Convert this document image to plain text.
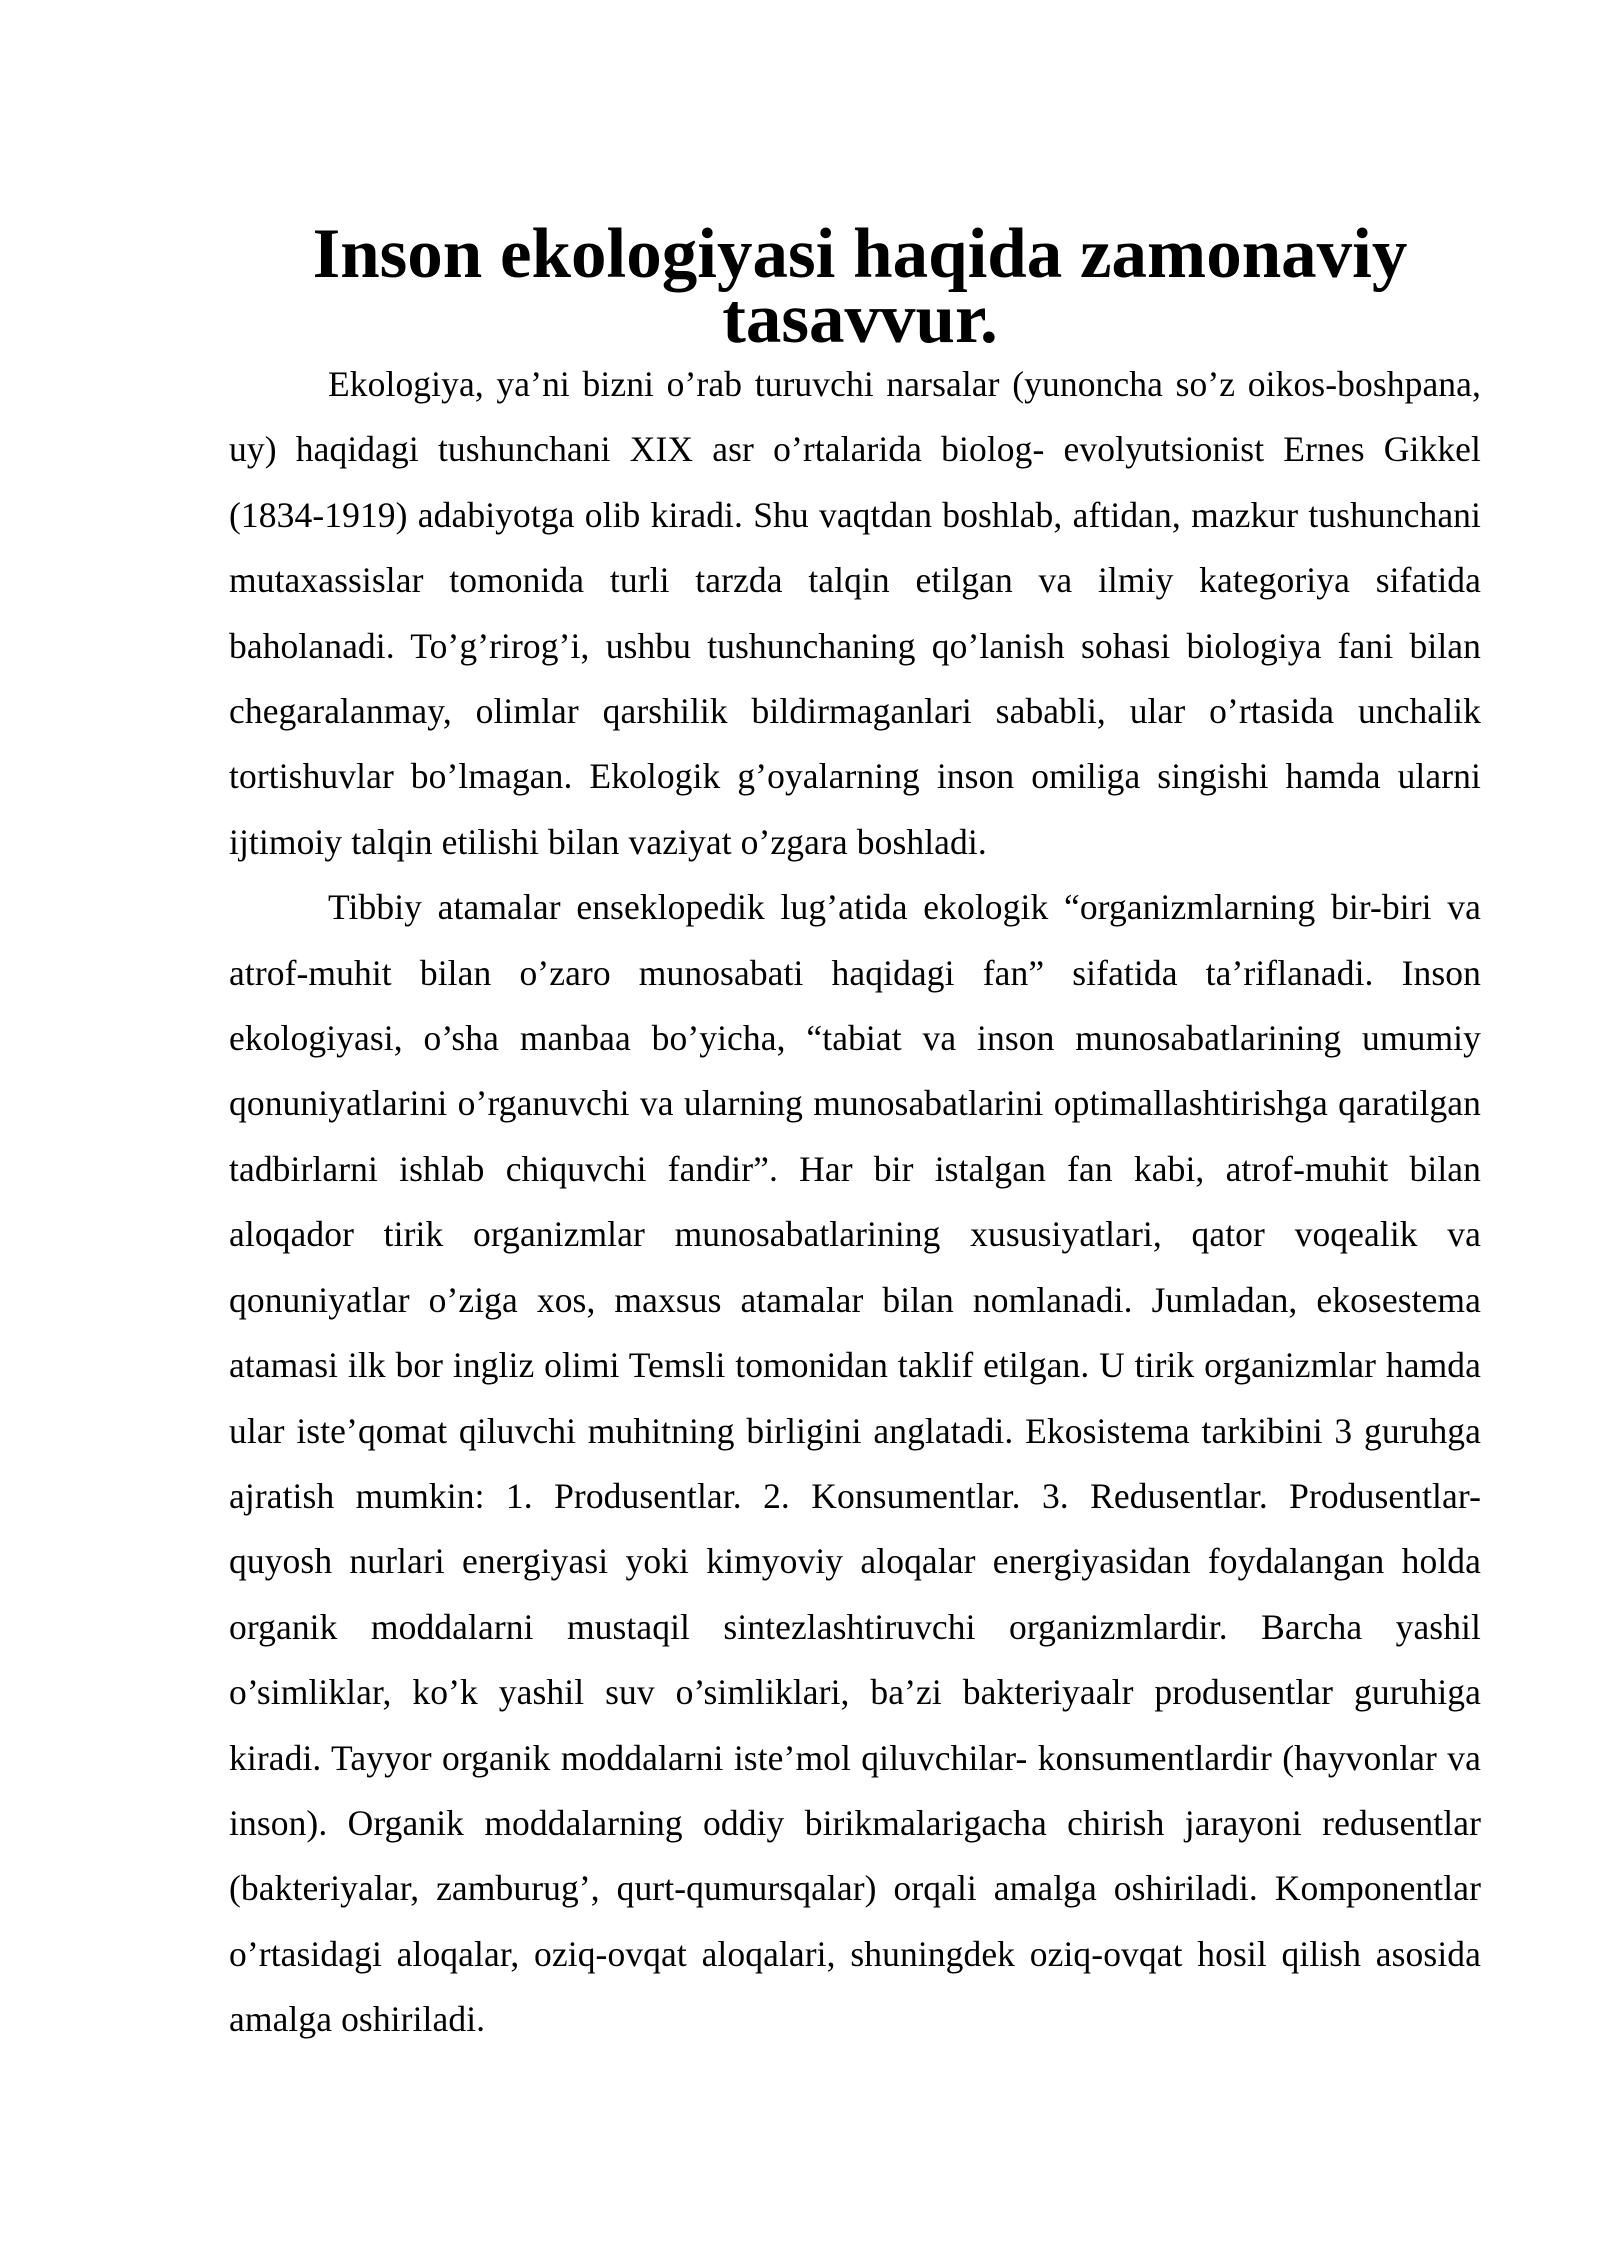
Inson ekologiyasi haqida zamonaviy tasavvur.

Ekologiya, ya’ni bizni o’rab turuvchi narsalar (yunoncha so’z oikos-boshpana, uy) haqidagi tushunchani XIX asr o’rtalarida biolog- evolyutsionist Ernes Gikkel (1834-1919) adabiyotga olib kiradi. Shu vaqtdan boshlab, aftidan, mazkur tushunchani mutaxassislar tomonida turli tarzda talqin etilgan va ilmiy kategoriya sifatida baholanadi. To’g’rirog’i, ushbu tushunchaning qo’lanish sohasi biologiya fani bilan chegaralanmay, olimlar qarshilik bildirmaganlari sababli, ular o’rtasida unchalik tortishuvlar bo’lmagan. Ekologik g’oyalarning inson omiliga singishi hamda ularni ijtimoiy talqin etilishi bilan vaziyat o’zgara boshladi.

Tibbiy atamalar enseklopedik lug’atida ekologik “organizmlarning bir-biri va atrof-muhit bilan o’zaro munosabati haqidagi fan” sifatida ta’riflanadi. Inson ekologiyasi, o’sha manbaa bo’yicha, “tabiat va inson munosabatlarining umumiy qonuniyatlarini o’rganuvchi va ularning munosabatlarini optimallashtirishga qaratilgan tadbirlarni ishlab chiquvchi fandir”. Har bir istalgan fan kabi, atrof-muhit bilan aloqador tirik organizmlar munosabatlarining xususiyatlari, qator voqealik va qonuniyatlar o’ziga xos, maxsus atamalar bilan nomlanadi. Jumladan, ekosestema atamasi ilk bor ingliz olimi Temsli tomonidan taklif etilgan. U tirik organizmlar hamda ular iste’qomat qiluvchi muhitning birligini anglatadi. Ekosistema tarkibini 3 guruhga ajratish mumkin: 1. Produsentlar. 2. Konsumentlar. 3. Redusentlar. Produsentlar- quyosh nurlari energiyasi yoki kimyoviy aloqalar energiyasidan foydalangan holda organik moddalarni mustaqil sintezlashtiruvchi organizmlardir. Barcha yashil o’simliklar, ko’k yashil suv o’simliklari, ba’zi bakteriyaalr produsentlar guruhiga kiradi. Tayyor organik moddalarni iste’mol qiluvchilar- konsumentlardir (hayvonlar va inson). Organik moddalarning oddiy birikmalarigacha chirish jarayoni redusentlar (bakteriyalar, zamburug’, qurt-qumursqalar) orqali amalga oshiriladi. Komponentlar o’rtasidagi aloqalar, oziq-ovqat aloqalari, shuningdek oziq-ovqat hosil qilish asosida amalga oshiriladi.
